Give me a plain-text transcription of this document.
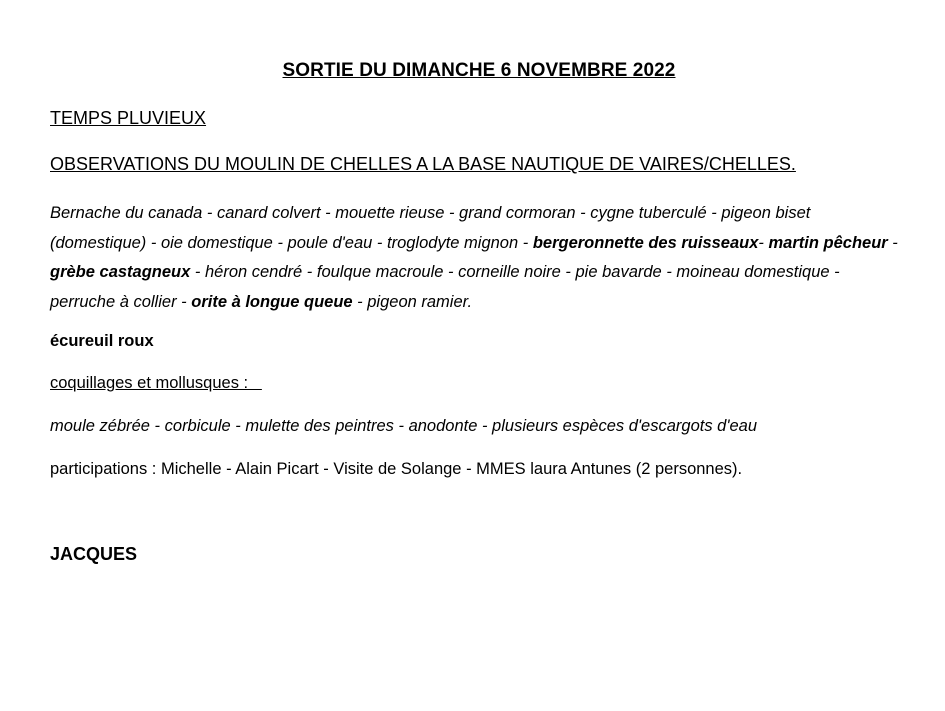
SORTIE DU DIMANCHE 6 NOVEMBRE 2022
TEMPS PLUVIEUX
OBSERVATIONS DU MOULIN DE CHELLES A LA BASE NAUTIQUE DE VAIRES/CHELLES.
Bernache du canada - canard colvert - mouette rieuse - grand cormoran - cygne tuberculé - pigeon biset (domestique) - oie domestique - poule d'eau - troglodyte mignon - bergeronnette des ruisseaux- martin pêcheur - grèbe castagneux - héron cendré - foulque macroule - corneille noire - pie bavarde - moineau domestique - perruche à collier - orite à longue queue - pigeon ramier.
écureuil roux
coquillages et mollusques :
moule zébrée - corbicule - mulette des peintres - anodonte - plusieurs espèces d'escargots d'eau
participations : Michelle - Alain Picart - Visite de Solange - MMES laura Antunes (2 personnes).
JACQUES
